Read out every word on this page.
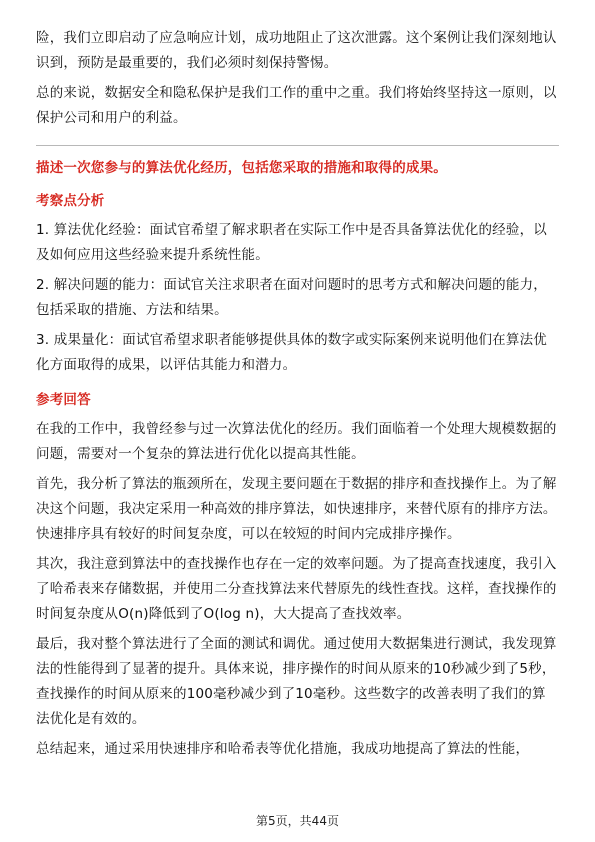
险，我们立即启动了应急响应计划，成功地阻止了这次泄露。这个案例让我们深刻地认识到，预防是最重要的，我们必须时刻保持警惕。

总的来说，数据安全和隐私保护是我们工作的重中之重。我们将始终坚持这一原则，以保护公司和用户的利益。

描述一次您参与的算法优化经历，包括您采取的措施和取得的成果。

考察点分析

1. 算法优化经验：面试官希望了解求职者在实际工作中是否具备算法优化的经验，以及如何应用这些经验来提升系统性能。

2. 解决问题的能力：面试官关注求职者在面对问题时的思考方式和解决问题的能力，包括采取的措施、方法和结果。

3. 成果量化：面试官希望求职者能够提供具体的数字或实际案例来说明他们在算法优化方面取得的成果，以评估其能力和潜力。

参考回答

在我的工作中，我曾经参与过一次算法优化的经历。我们面临着一个处理大规模数据的问题，需要对一个复杂的算法进行优化以提高其性能。

首先，我分析了算法的瓶颈所在，发现主要问题在于数据的排序和查找操作上。为了解决这个问题，我决定采用一种高效的排序算法，如快速排序，来替代原有的排序方法。快速排序具有较好的时间复杂度，可以在较短的时间内完成排序操作。

其次，我注意到算法中的查找操作也存在一定的效率问题。为了提高查找速度，我引入了哈希表来存储数据，并使用二分查找算法来代替原先的线性查找。这样，查找操作的时间复杂度从O(n)降低到了O(log n)，大大提高了查找效率。

最后，我对整个算法进行了全面的测试和调优。通过使用大数据集进行测试，我发现算法的性能得到了显著的提升。具体来说，排序操作的时间从原来的10秒减少到了5秒，查找操作的时间从原来的100毫秒减少到了10毫秒。这些数字的改善表明了我们的算法优化是有效的。

总结起来，通过采用快速排序和哈希表等优化措施，我成功地提高了算法的性能，

第5页，共44页
